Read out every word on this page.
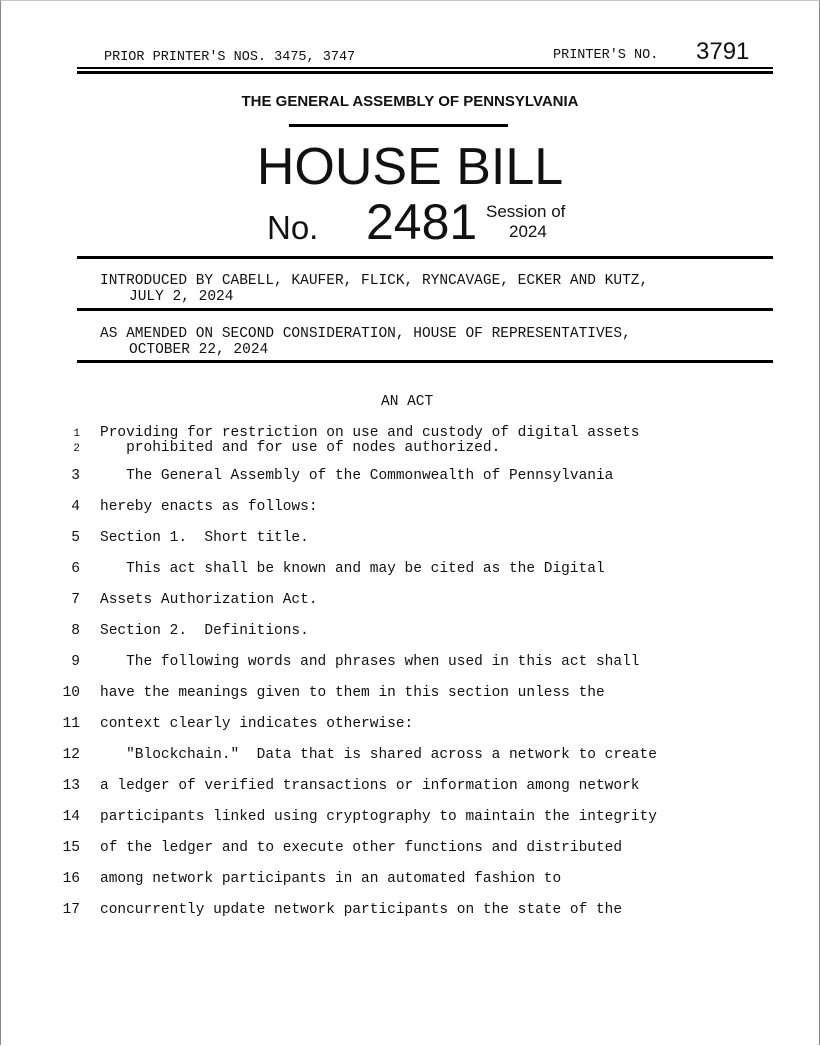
PRIOR PRINTER'S NOS. 3475, 3747	PRINTER'S NO. 3791
THE GENERAL ASSEMBLY OF PENNSYLVANIA
HOUSE BILL
No. 2481 Session of
2024
INTRODUCED BY CABELL, KAUFER, FLICK, RYNCAVAGE, ECKER AND KUTZ,
JULY 2, 2024
AS AMENDED ON SECOND CONSIDERATION, HOUSE OF REPRESENTATIVES,
OCTOBER 22, 2024
AN ACT
1 Providing for restriction on use and custody of digital assets
2 prohibited and for use of nodes authorized.
3 The General Assembly of the Commonwealth of Pennsylvania
4 hereby enacts as follows:
5 Section 1.  Short title.
6 This act shall be known and may be cited as the Digital
7 Assets Authorization Act.
8 Section 2.  Definitions.
9 The following words and phrases when used in this act shall
10 have the meanings given to them in this section unless the
11 context clearly indicates otherwise:
12 "Blockchain."  Data that is shared across a network to create
13 a ledger of verified transactions or information among network
14 participants linked using cryptography to maintain the integrity
15 of the ledger and to execute other functions and distributed
16 among network participants in an automated fashion to
17 concurrently update network participants on the state of the
